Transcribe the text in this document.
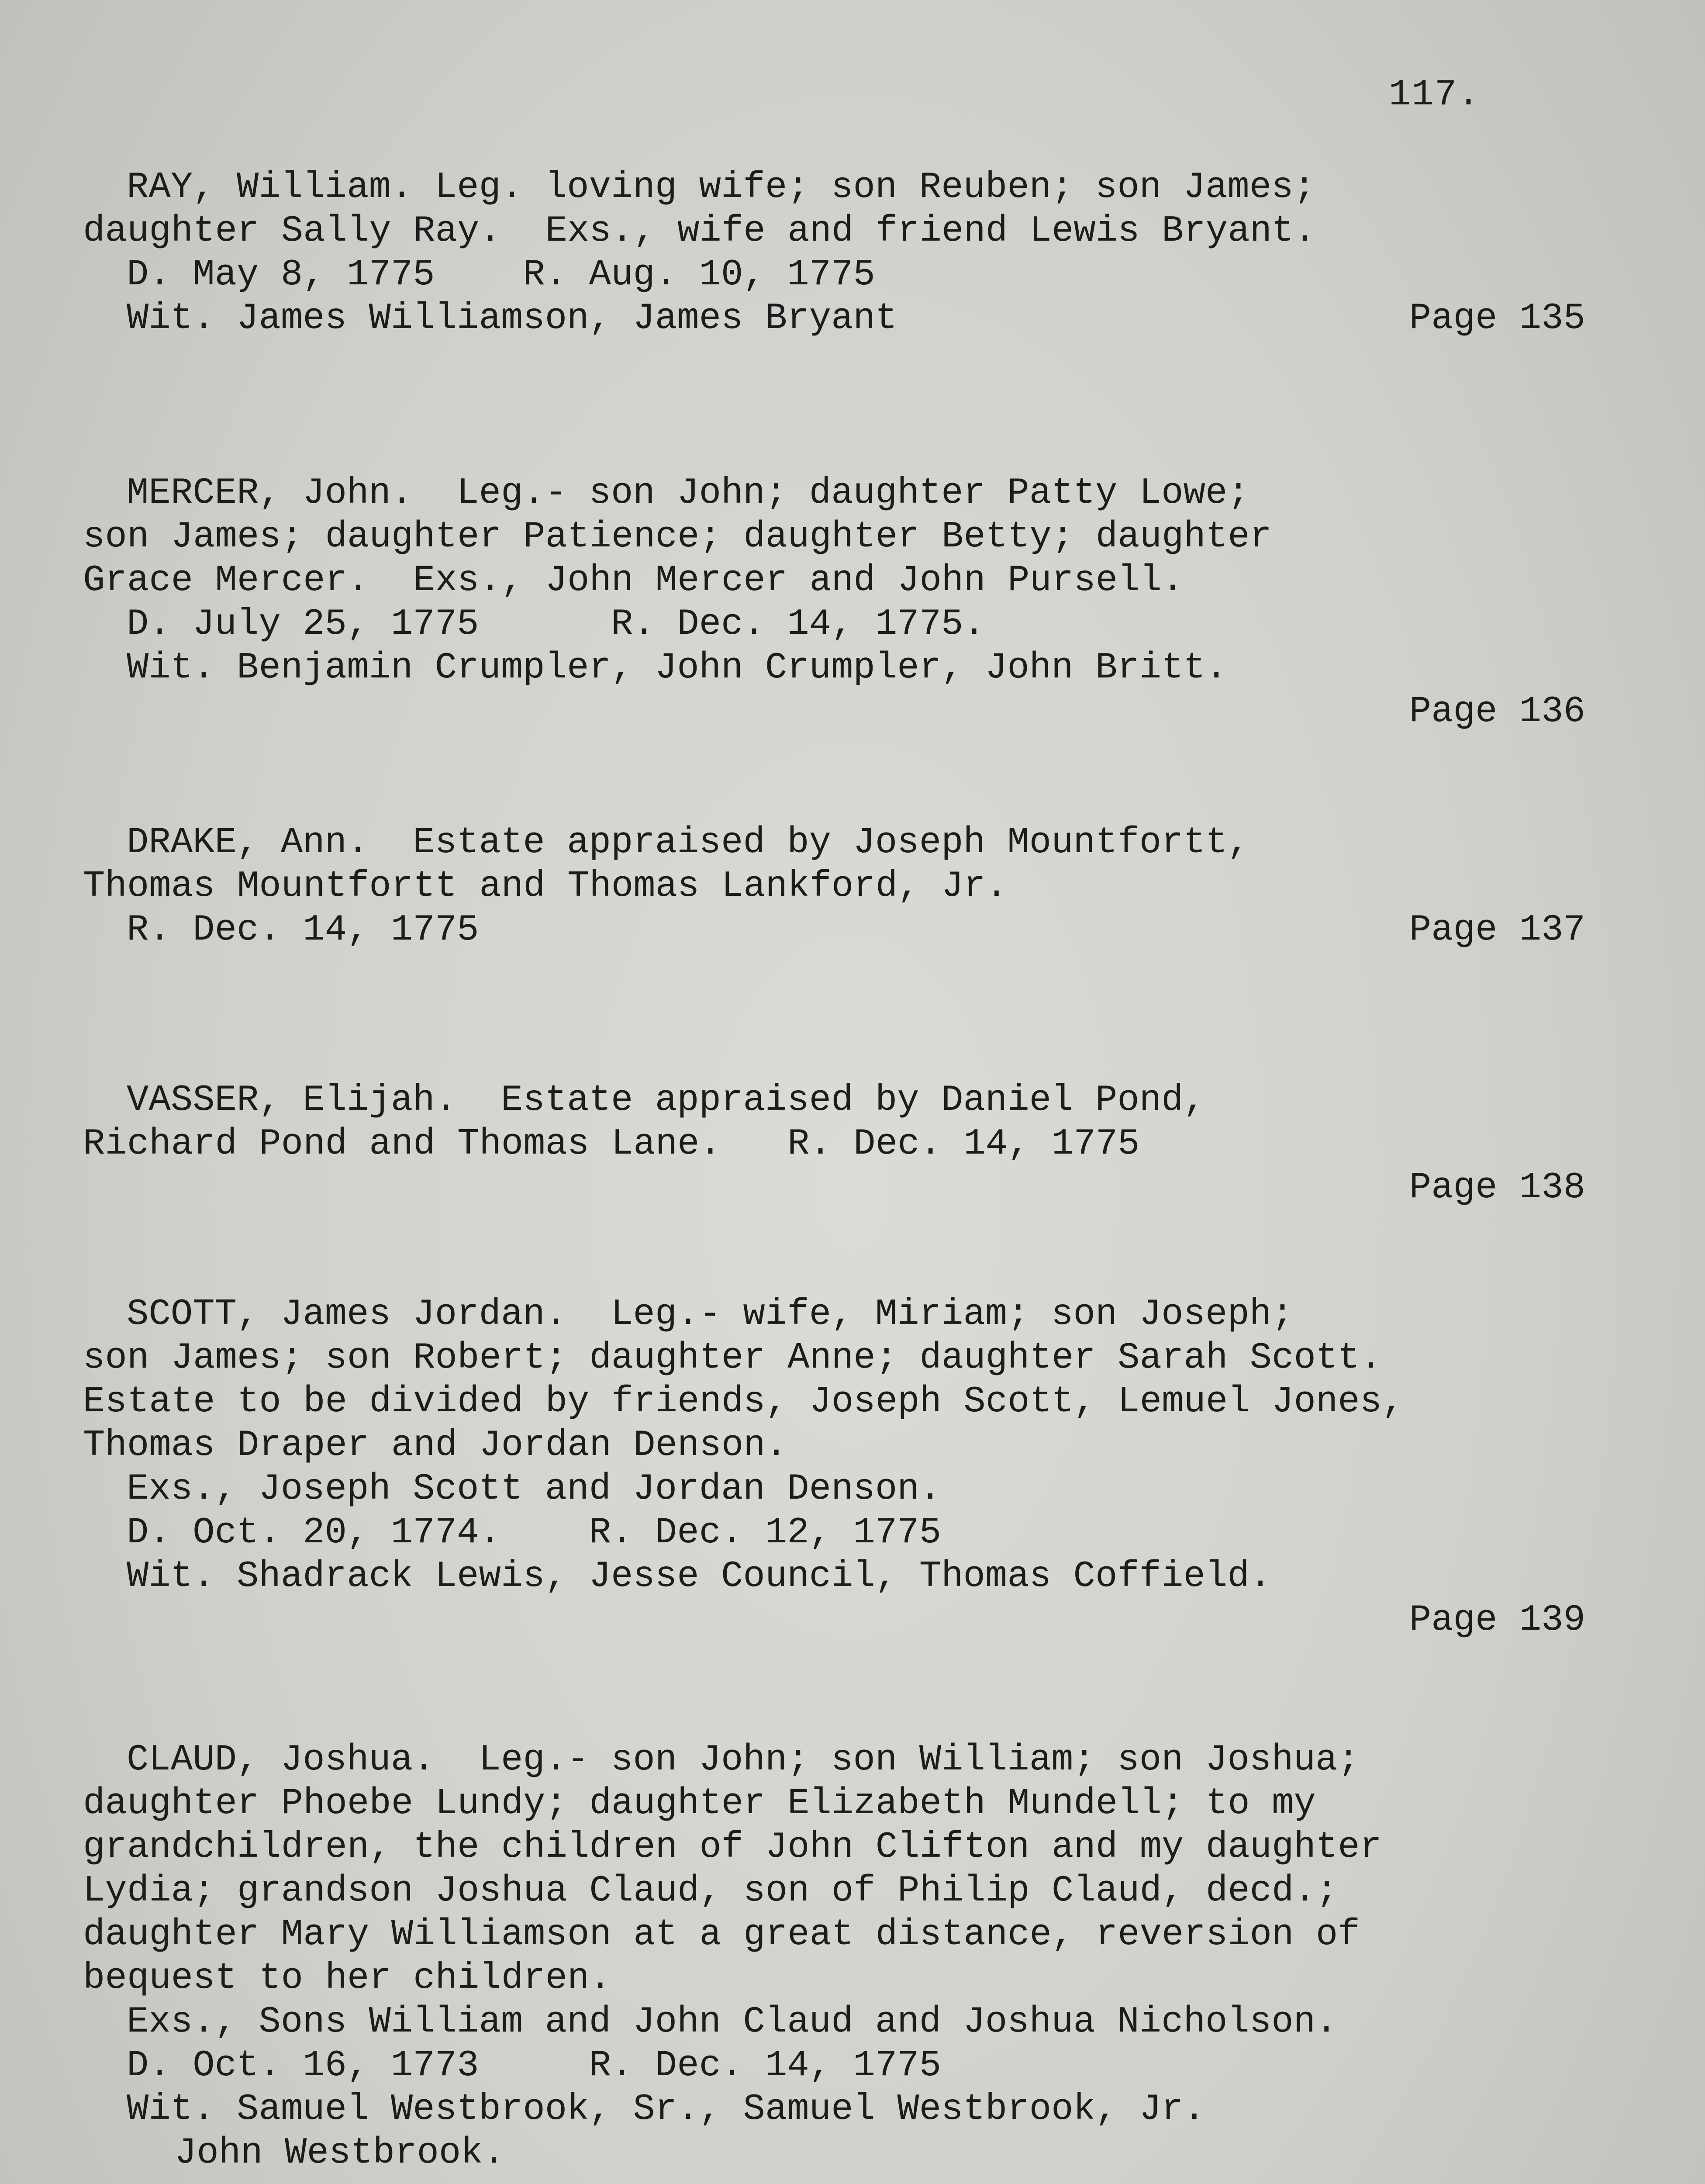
117.
RAY, William. Leg. loving wife; son Reuben; son James;
daughter Sally Ray.  Exs., wife and friend Lewis Bryant.
D. May 8, 1775    R. Aug. 10, 1775
Wit. James Williamson, James Bryant	Page 135
MERCER, John.  Leg.- son John; daughter Patty Lowe;
son James; daughter Patience; daughter Betty; daughter
Grace Mercer.  Exs., John Mercer and John Pursell.
D. July 25, 1775      R. Dec. 14, 1775.
Wit. Benjamin Crumpler, John Crumpler, John Britt.
Page 136
DRAKE, Ann.  Estate appraised by Joseph Mountfortt,
Thomas Mountfortt and Thomas Lankford, Jr.
R. Dec. 14, 1775	Page 137
VASSER, Elijah.  Estate appraised by Daniel Pond,
Richard Pond and Thomas Lane.   R. Dec. 14, 1775
Page 138
SCOTT, James Jordan.  Leg.- wife, Miriam; son Joseph;
son James; son Robert; daughter Anne; daughter Sarah Scott.
Estate to be divided by friends, Joseph Scott, Lemuel Jones,
Thomas Draper and Jordan Denson.
Exs., Joseph Scott and Jordan Denson.
D. Oct. 20, 1774.    R. Dec. 12, 1775
Wit. Shadrack Lewis, Jesse Council, Thomas Coffield.
Page 139
CLAUD, Joshua.  Leg.- son John; son William; son Joshua;
daughter Phoebe Lundy; daughter Elizabeth Mundell; to my
grandchildren, the children of John Clifton and my daughter
Lydia; grandson Joshua Claud, son of Philip Claud, decd.;
daughter Mary Williamson at a great distance, reversion of
bequest to her children.
Exs., Sons William and John Claud and Joshua Nicholson.
D. Oct. 16, 1773     R. Dec. 14, 1775
Wit. Samuel Westbrook, Sr., Samuel Westbrook, Jr.
John Westbrook.
